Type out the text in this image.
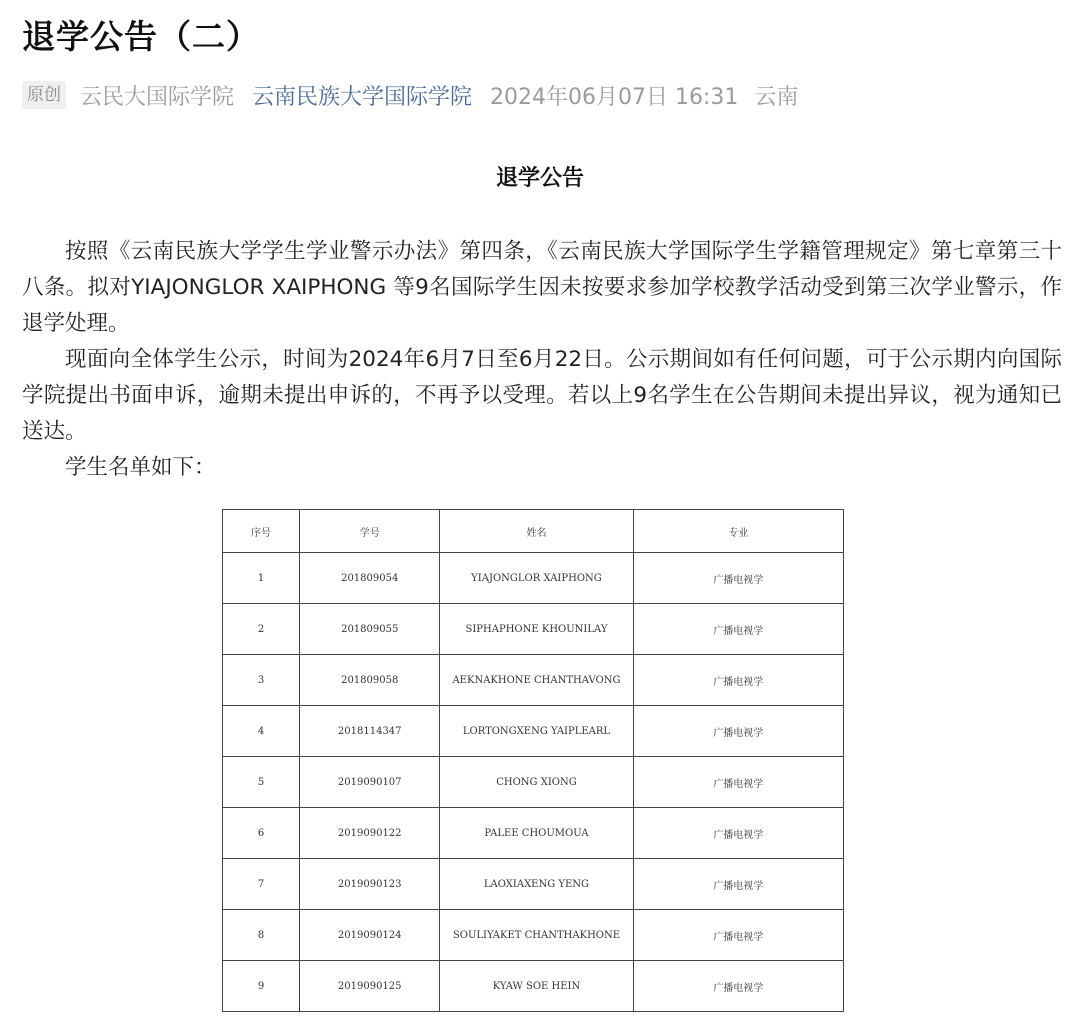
退学公告（二）
原创 云民大国际学院 云南民族大学国际学院 2024年06月07日 16:31 云南
退学公告

按照《云南民族大学学生学业警示办法》第四条，《云南民族大学国际学生学籍管理规定》第七章第三十八条。拟对YIAJONGLOR XAIPHONG 等9名国际学生因未按要求参加学校教学活动受到第三次学业警示，作退学处理。

现面向全体学生公示，时间为2024年6月7日至6月22日。公示期间如有任何问题，可于公示期内向国际学院提出书面申诉，逾期未提出申诉的，不再予以受理。若以上9名学生在公告期间未提出异议，视为通知已送达。

学生名单如下：

序号	学号	姓名	专业
1	201809054	YIAJONGLOR XAIPHONG	广播电视学
2	201809055	SIPHAPHONE KHOUNILAY	广播电视学
3	201809058	AEKNAKHONE CHANTHAVONG	广播电视学
4	2018114347	LORTONGXENG YAIPLEARL	广播电视学
5	2019090107	CHONG XIONG	广播电视学
6	2019090122	PALEE CHOUMOUA	广播电视学
7	2019090123	LAOXIAXENG YENG	广播电视学
8	2019090124	SOULIYAKET CHANTHAKHONE	广播电视学
9	2019090125	KYAW SOE HEIN	广播电视学
